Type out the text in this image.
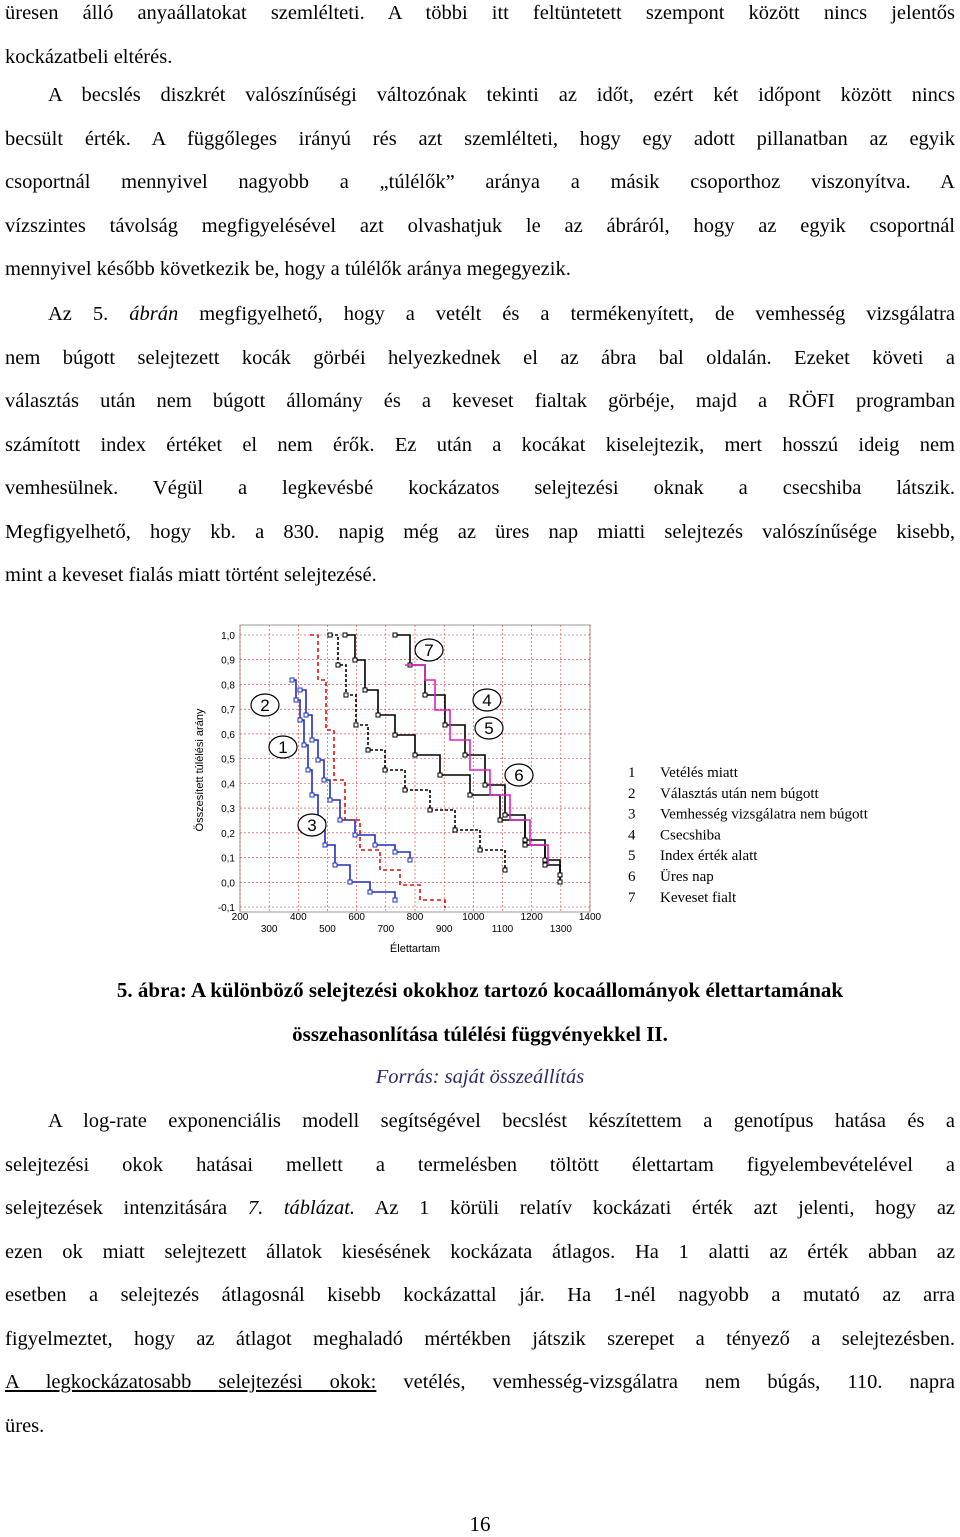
üresen álló anyaállatokat szemlélteti. A többi itt feltüntetett szempont között nincs jelentős
kockázatbeli eltérés.
A becslés diszkrét valószínűségi változónak tekinti az időt, ezért két időpont között nincs
becsült érték. A függőleges irányú rés azt szemlélteti, hogy egy adott pillanatban az egyik
csoportnál mennyivel nagyobb a „túlélők” aránya a másik csoporthoz viszonyítva. A
vízszintes távolság megfigyelésével azt olvashatjuk le az ábráról, hogy az egyik csoportnál
mennyivel később következik be, hogy a túlélők aránya megegyezik.
Az 5. ábrán megfigyelhető, hogy a vetélt és a termékenyített, de vemhesség vizsgálatra
nem búgott selejtezett kocák görbéi helyezkednek el az ábra bal oldalán. Ezeket követi a
választás után nem búgott állomány és a keveset fialtak görbéje, majd a RÖFI programban
számított index értéket el nem érők. Ez után a kocákat kiselejtezik, mert hosszú ideig nem
vemhesülnek. Végül a legkevésbé kockázatos selejtezési oknak a csecshiba látszik.
Megfigyelhető, hogy kb. a 830. napig még az üres nap miatti selejtezés valószínűsége kisebb,
mint a keveset fialás miatt történt selejtezésé.
1,0
0,9
0,8
0,7
0,6
0,5
0,4
0,3
0,2
0,1
0,0
-0,1
200	400	600	800	1000	1200	1400
300	500	700	900	1100	1300
Összesített túlélési arány
Élettartam
1
2
3
4
5
6
7
1 Vetélés miatt
2 Választás után nem búgott
3 Vemhesség vizsgálatra nem búgott
4 Csecshiba
5 Index érték alatt
6 Üres nap
7 Keveset fialt
5. ábra: A különböző selejtezési okokhoz tartozó kocaállományok élettartamának
összehasonlítása túlélési függvényekkel II.
Forrás: saját összeállítás
A log-rate exponenciális modell segítségével becslést készítettem a genotípus hatása és a
selejtezési okok hatásai mellett a termelésben töltött élettartam figyelembevételével a
selejtezések intenzitására 7. táblázat. Az 1 körüli relatív kockázati érték azt jelenti, hogy az
ezen ok miatt selejtezett állatok kiesésének kockázata átlagos. Ha 1 alatti az érték abban az
esetben a selejtezés átlagosnál kisebb kockázattal jár. Ha 1-nél nagyobb a mutató az arra
figyelmeztet, hogy az átlagot meghaladó mértékben játszik szerepet a tényező a selejtezésben.
A legkockázatosabb selejtezési okok: vetélés, vemhesség-vizsgálatra nem búgás, 110. napra
üres.
16
